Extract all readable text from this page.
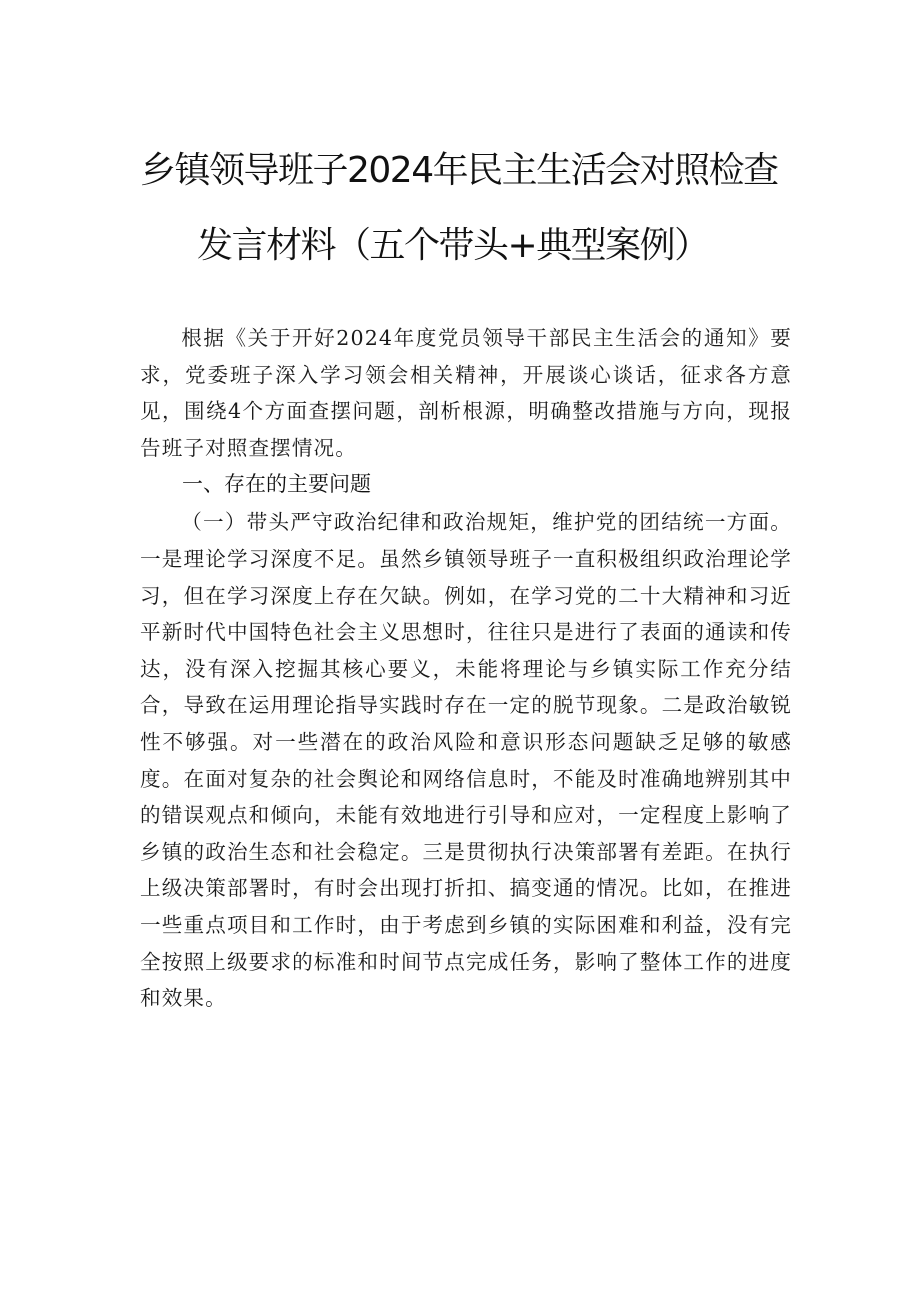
乡镇领导班子2024年民主生活会对照检查
发言材料（五个带头+典型案例）

根据《关于开好2024年度党员领导干部民主生活会的通知》要求，党委班子深入学习领会相关精神，开展谈心谈话，征求各方意见，围绕4个方面查摆问题，剖析根源，明确整改措施与方向，现报告班子对照查摆情况。

一、存在的主要问题

（一）带头严守政治纪律和政治规矩，维护党的团结统一方面。一是理论学习深度不足。虽然乡镇领导班子一直积极组织政治理论学习，但在学习深度上存在欠缺。例如，在学习党的二十大精神和习近平新时代中国特色社会主义思想时，往往只是进行了表面的通读和传达，没有深入挖掘其核心要义，未能将理论与乡镇实际工作充分结合，导致在运用理论指导实践时存在一定的脱节现象。二是政治敏锐性不够强。对一些潜在的政治风险和意识形态问题缺乏足够的敏感度。在面对复杂的社会舆论和网络信息时，不能及时准确地辨别其中的错误观点和倾向，未能有效地进行引导和应对，一定程度上影响了乡镇的政治生态和社会稳定。三是贯彻执行决策部署有差距。在执行上级决策部署时，有时会出现打折扣、搞变通的情况。比如，在推进一些重点项目和工作时，由于考虑到乡镇的实际困难和利益，没有完全按照上级要求的标准和时间节点完成任务，影响了整体工作的进度和效果。
